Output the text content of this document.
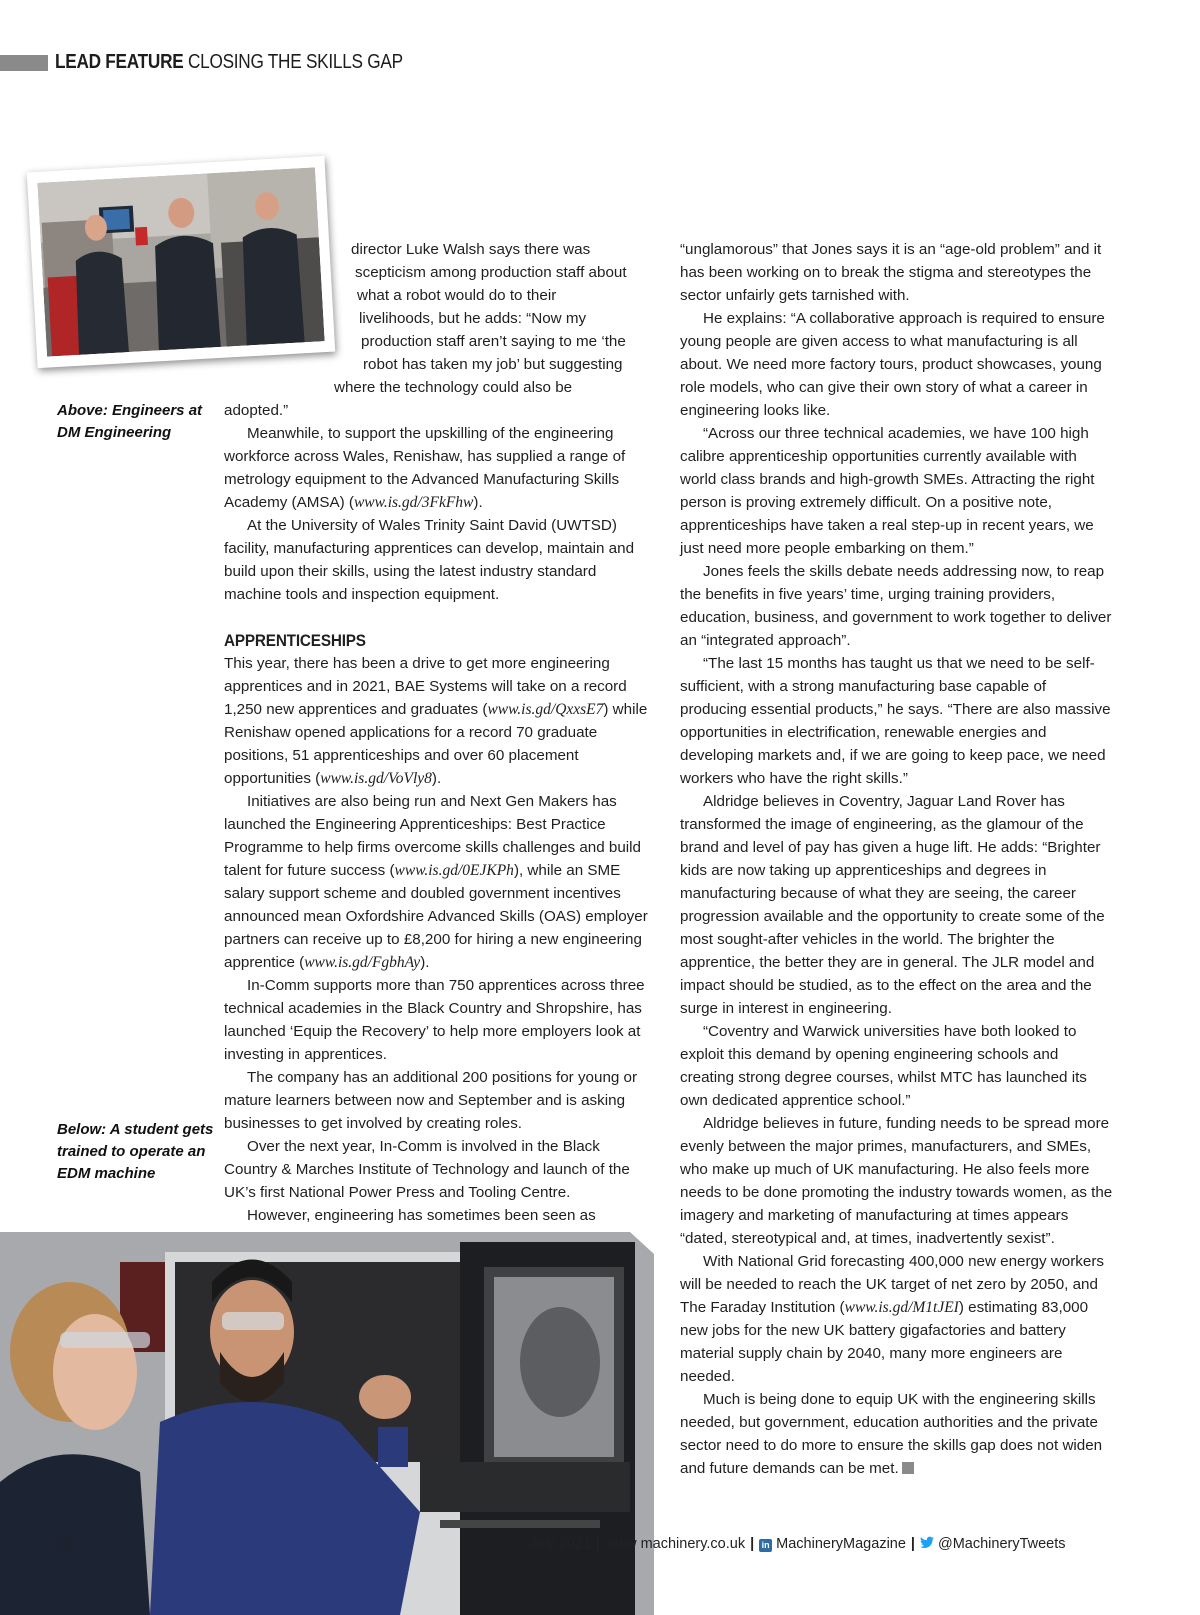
LEAD FEATURE CLOSING THE SKILLS GAP
Above: Engineers at DM Engineering
Below: A student gets trained to operate an EDM machine
director Luke Walsh says there was
scepticism among production staff about
what a robot would do to their
livelihoods, but he adds: “Now my
production staff aren’t saying to me ‘the
robot has taken my job’ but suggesting
where the technology could also be

adopted.”

Meanwhile, to support the upskilling of the engineering workforce across Wales, Renishaw, has supplied a range of metrology equipment to the Advanced Manufacturing Skills Academy (AMSA) (www.is.gd/3FkFhw).

At the University of Wales Trinity Saint David (UWTSD) facility, manufacturing apprentices can develop, maintain and build upon their skills, using the latest industry standard machine tools and inspection equipment.

APPRENTICESHIPS

This year, there has been a drive to get more engineering apprentices and in 2021, BAE Systems will take on a record 1,250 new apprentices and graduates (www.is.gd/QxxsE7) while Renishaw opened applications for a record 70 graduate positions, 51 apprenticeships and over 60 placement opportunities (www.is.gd/VoVly8).

Initiatives are also being run and Next Gen Makers has launched the Engineering Apprenticeships: Best Practice Programme to help firms overcome skills challenges and build talent for future success (www.is.gd/0EJKPh), while an SME salary support scheme and doubled government incentives announced mean Oxfordshire Advanced Skills (OAS) employer partners can receive up to £8,200 for hiring a new engineering apprentice (www.is.gd/FgbhAy).

In-Comm supports more than 750 apprentices across three technical academies in the Black Country and Shropshire, has launched ‘Equip the Recovery’ to help more employers look at investing in apprentices.

The company has an additional 200 positions for young or mature learners between now and September and is asking businesses to get involved by creating roles.

Over the next year, In-Comm is involved in the Black Country & Marches Institute of Technology and launch of the UK’s first National Power Press and Tooling Centre.

However, engineering has sometimes been seen as

“unglamorous” that Jones says it is an “age-old problem” and it has been working on to break the stigma and stereotypes the sector unfairly gets tarnished with.

He explains: “A collaborative approach is required to ensure young people are given access to what manufacturing is all about. We need more factory tours, product showcases, young role models, who can give their own story of what a career in engineering looks like.

“Across our three technical academies, we have 100 high calibre apprenticeship opportunities currently available with world class brands and high-growth SMEs. Attracting the right person is proving extremely difficult. On a positive note, apprenticeships have taken a real step-up in recent years, we just need more people embarking on them.”

Jones feels the skills debate needs addressing now, to reap the benefits in five years’ time, urging training providers, education, business, and government to work together to deliver an “integrated approach”.

“The last 15 months has taught us that we need to be self-sufficient, with a strong manufacturing base capable of producing essential products,” he says. “There are also massive opportunities in electrification, renewable energies and developing markets and, if we are going to keep pace, we need workers who have the right skills.”

Aldridge believes in Coventry, Jaguar Land Rover has transformed the image of engineering, as the glamour of the brand and level of pay has given a huge lift. He adds: “Brighter kids are now taking up apprenticeships and degrees in manufacturing because of what they are seeing, the career progression available and the opportunity to create some of the most sought-after vehicles in the world. The brighter the apprentice, the better they are in general. The JLR model and impact should be studied, as to the effect on the area and the surge in interest in engineering.

“Coventry and Warwick universities have both looked to exploit this demand by opening engineering schools and creating strong degree courses, whilst MTC has launched its own dedicated apprentice school.”

Aldridge believes in future, funding needs to be spread more evenly between the major primes, manufacturers, and SMEs, who make up much of UK manufacturing. He also feels more needs to be done promoting the industry towards women, as the imagery and marketing of manufacturing at times appears “dated, stereotypical and, at times, inadvertently sexist”.

With National Grid forecasting 400,000 new energy workers will be needed to reach the UK target of net zero by 2050, and The Faraday Institution (www.is.gd/M1tJEI) estimating 83,000 new jobs for the new UK battery gigafactories and battery material supply chain by 2040, many more engineers are needed.

Much is being done to equip UK with the engineering skills needed, but government, education authorities and the private sector need to do more to ensure the skills gap does not widen and future demands can be met.

12	July 2021 | www machinery.co.uk | in MachineryMagazine | @MachineryTweets
